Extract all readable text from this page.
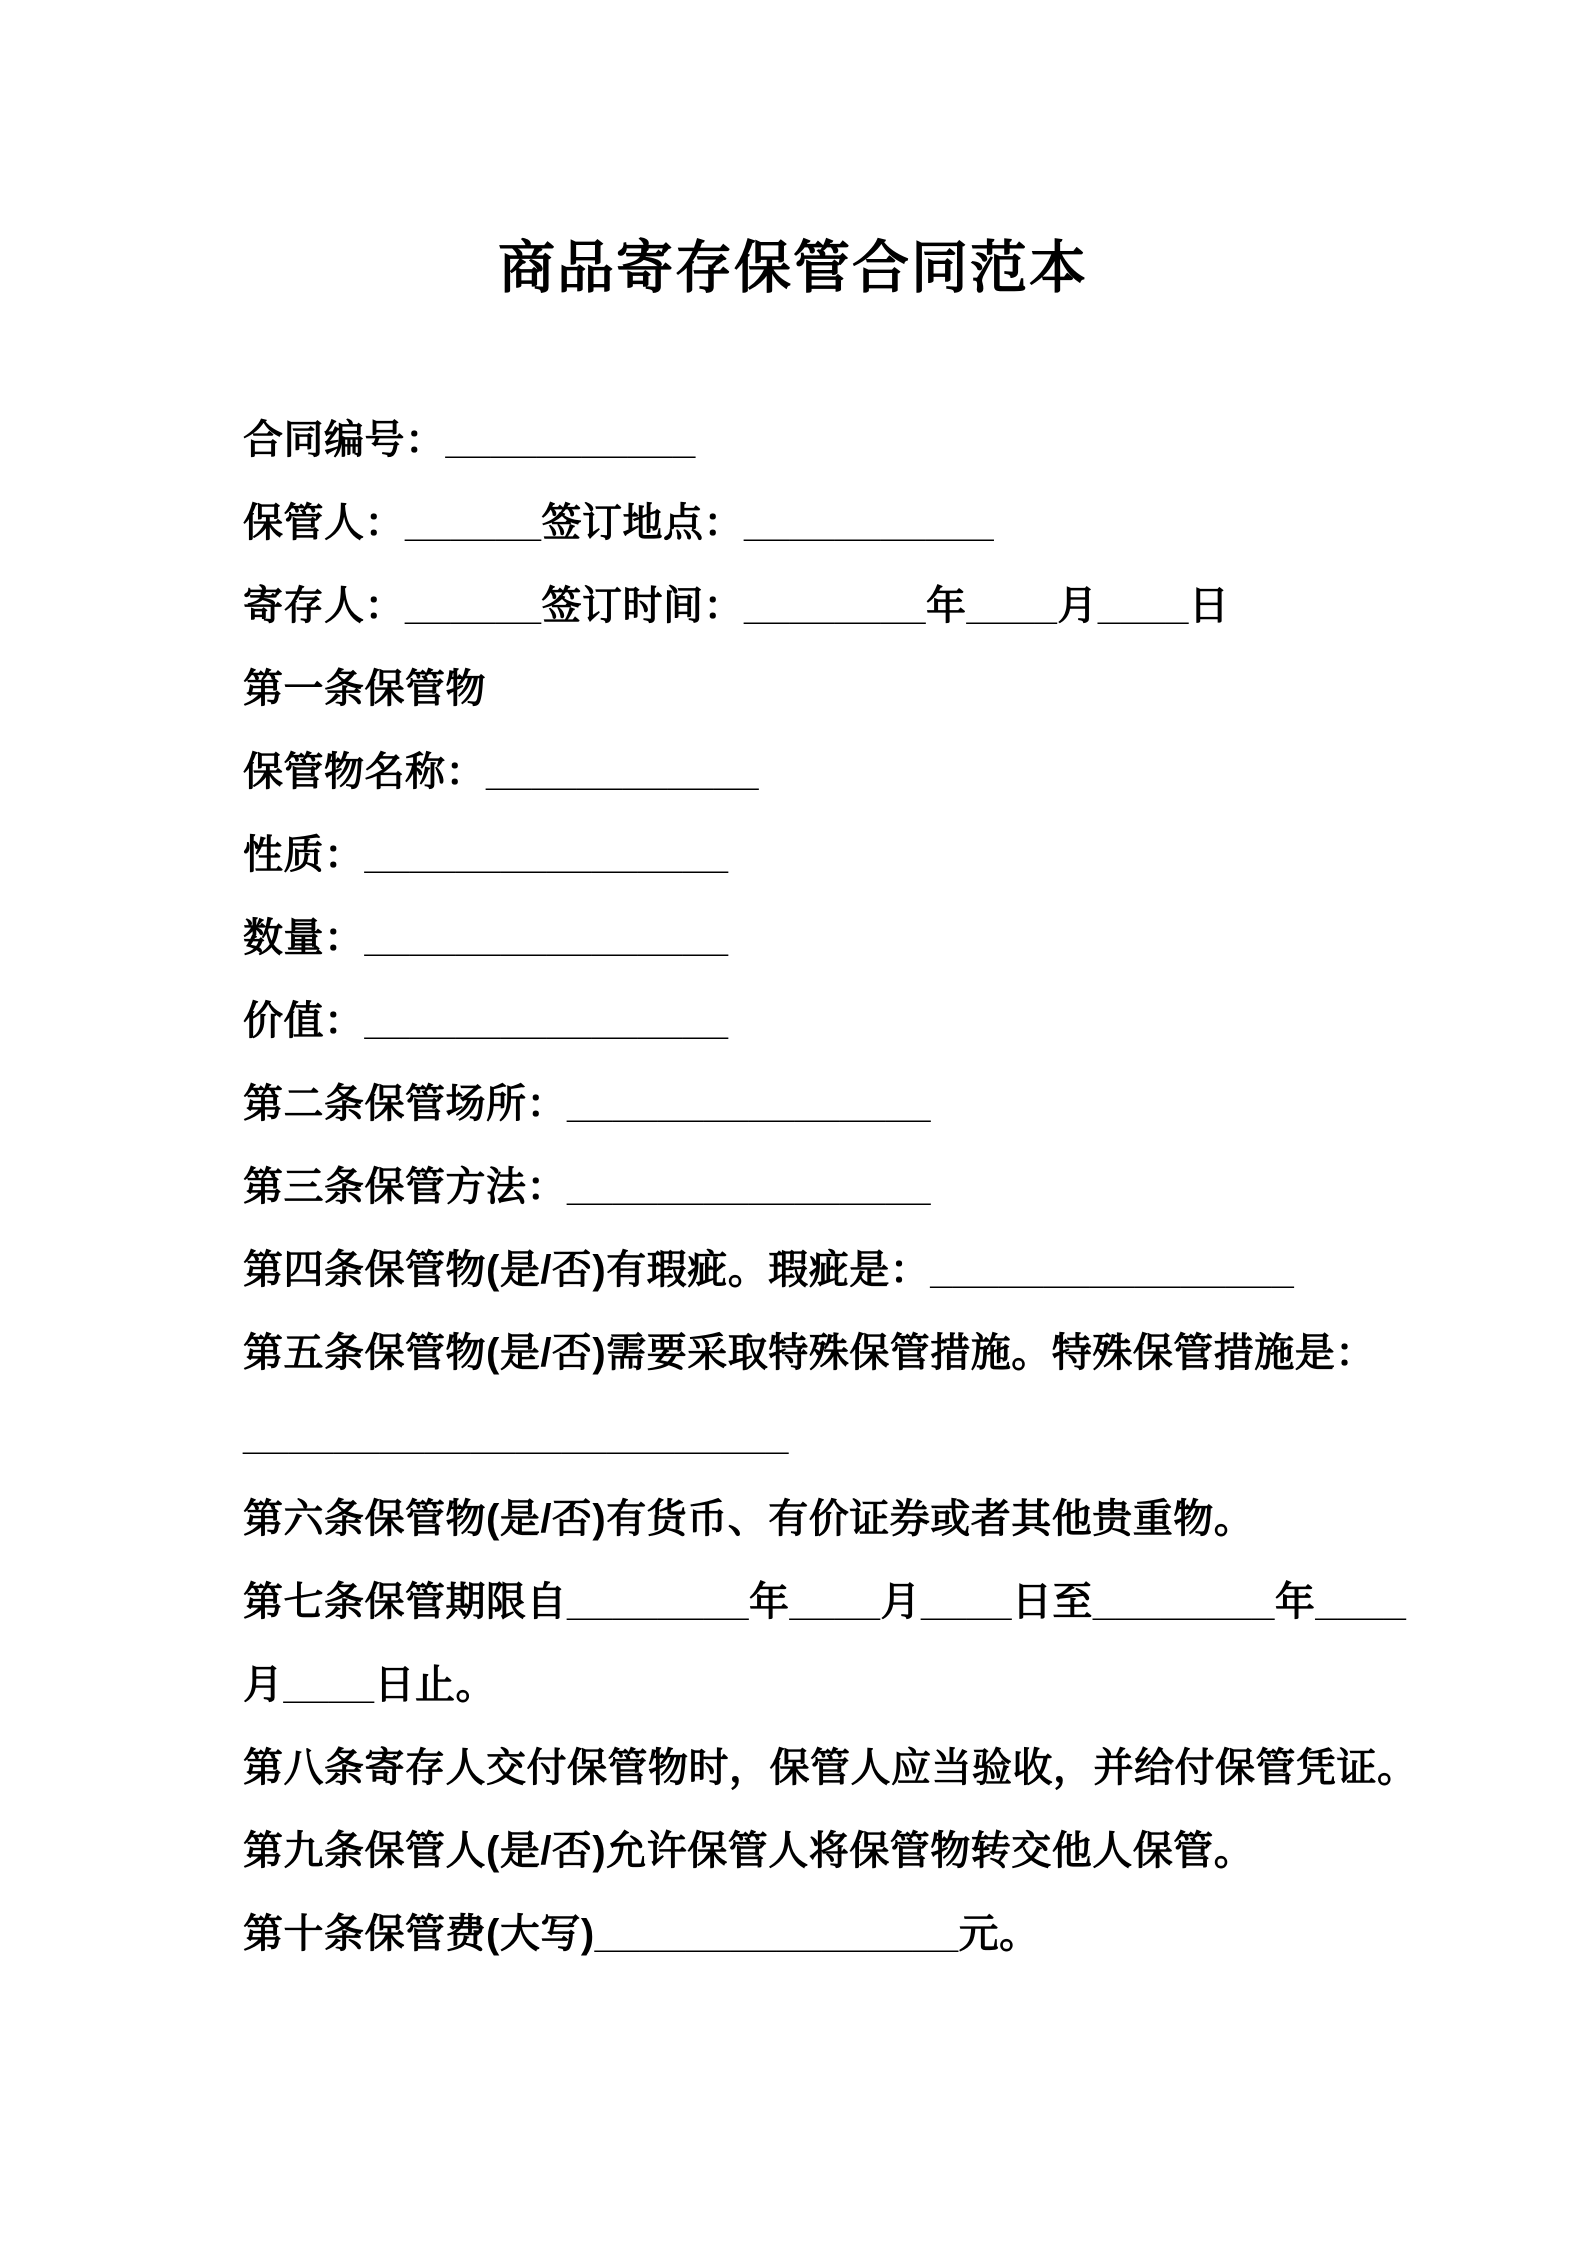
商品寄存保管合同范本
合同编号：___________
保管人：______签订地点：___________
寄存人：______签订时间：________年____月____日
第一条保管物
保管物名称：____________
性质：________________
数量：________________
价值：________________
第二条保管场所：________________
第三条保管方法：________________
第四条保管物(是/否)有瑕疵。瑕疵是：________________
第五条保管物(是/否)需要采取特殊保管措施。特殊保管措施是：
________________________
第六条保管物(是/否)有货币、有价证券或者其他贵重物。
第七条保管期限自________年____月____日至________年____
月____日止。
第八条寄存人交付保管物时，保管人应当验收，并给付保管凭证。
第九条保管人(是/否)允许保管人将保管物转交他人保管。
第十条保管费(大写)________________元。
